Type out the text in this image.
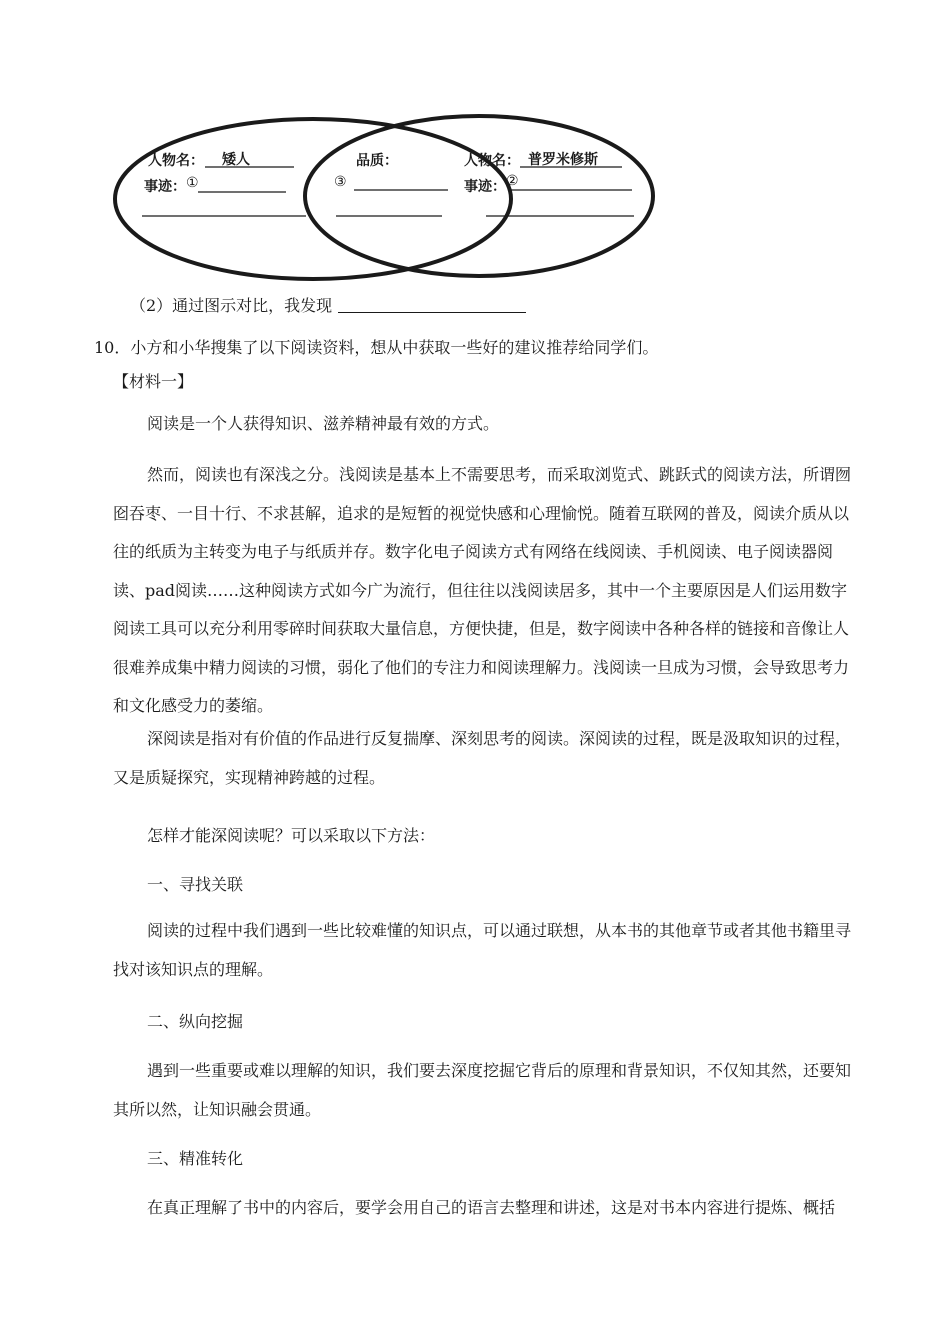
人物名： 矮人
事迹： ①
品质：
③
人物名： 普罗米修斯
事迹： ②
（2）通过图示对比，我发现
10．小方和小华搜集了以下阅读资料，想从中获取一些好的建议推荐给同学们。
【材料一】
阅读是一个人获得知识、滋养精神最有效的方式。
然而，阅读也有深浅之分。浅阅读是基本上不需要思考，而采取浏览式、跳跃式的阅读方法，所谓囫囵吞枣、一目十行、不求甚解，追求的是短暂的视觉快感和心理愉悦。随着互联网的普及，阅读介质从以往的纸质为主转变为电子与纸质并存。数字化电子阅读方式有网络在线阅读、手机阅读、电子阅读器阅读、pad阅读……这种阅读方式如今广为流行，但往往以浅阅读居多，其中一个主要原因是人们运用数字阅读工具可以充分利用零碎时间获取大量信息，方便快捷，但是，数字阅读中各种各样的链接和音像让人很难养成集中精力阅读的习惯，弱化了他们的专注力和阅读理解力。浅阅读一旦成为习惯，会导致思考力和文化感受力的萎缩。
深阅读是指对有价值的作品进行反复揣摩、深刻思考的阅读。深阅读的过程，既是汲取知识的过程，又是质疑探究，实现精神跨越的过程。
怎样才能深阅读呢？可以采取以下方法：
一、寻找关联
阅读的过程中我们遇到一些比较难懂的知识点，可以通过联想，从本书的其他章节或者其他书籍里寻找对该知识点的理解。
二、纵向挖掘
遇到一些重要或难以理解的知识，我们要去深度挖掘它背后的原理和背景知识，不仅知其然，还要知其所以然，让知识融会贯通。
三、精准转化
在真正理解了书中的内容后，要学会用自己的语言去整理和讲述，这是对书本内容进行提炼、概括
